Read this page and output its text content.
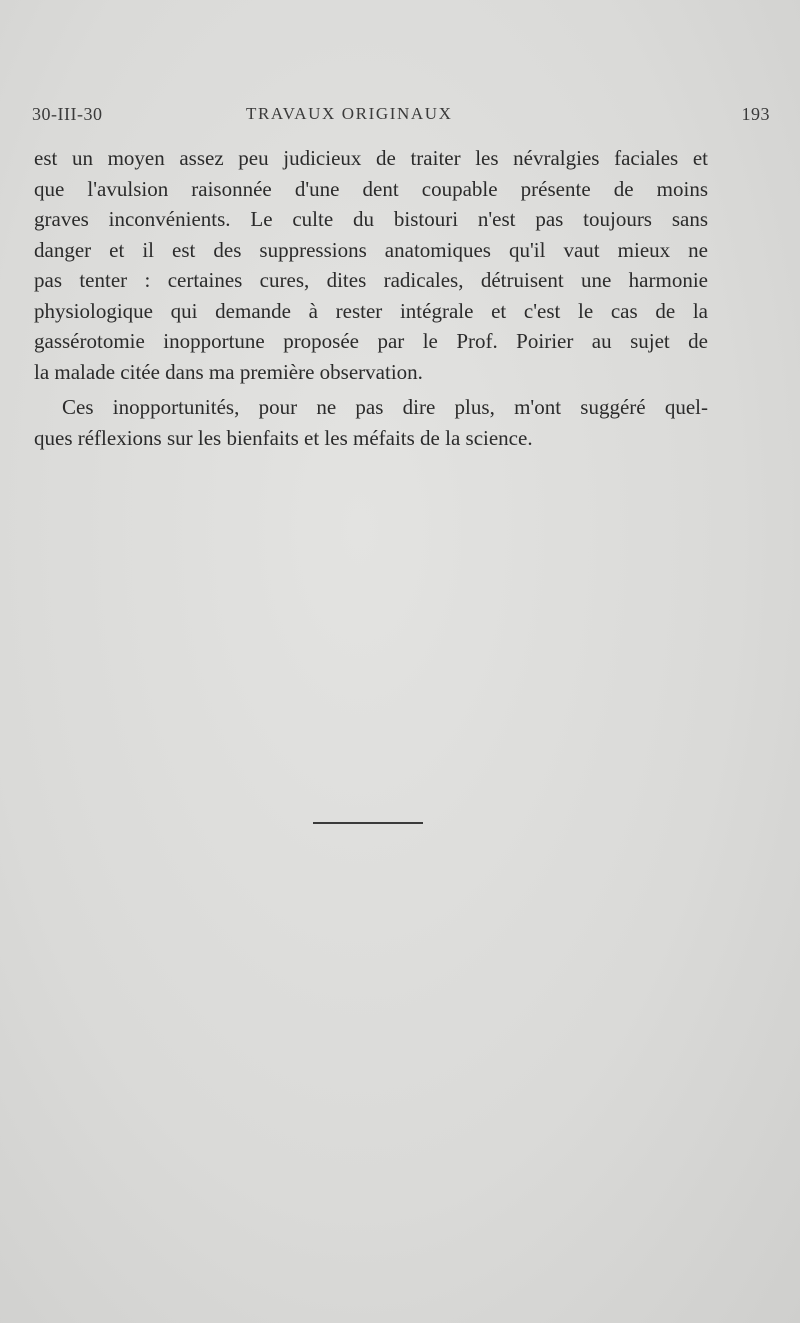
30-III-30	TRAVAUX ORIGINAUX	193

est un moyen assez peu judicieux de traiter les névralgies faciales et
que l'avulsion raisonnée d'une dent coupable présente de moins
graves inconvénients. Le culte du bistouri n'est pas toujours sans
danger et il est des suppressions anatomiques qu'il vaut mieux ne
pas tenter : certaines cures, dites radicales, détruisent une harmonie
physiologique qui demande à rester intégrale et c'est le cas de la
gassérotomie inopportune proposée par le Prof. Poirier au sujet de
la malade citée dans ma première observation.

Ces inopportunités, pour ne pas dire plus, m'ont suggéré quel-
ques réflexions sur les bienfaits et les méfaits de la science.
